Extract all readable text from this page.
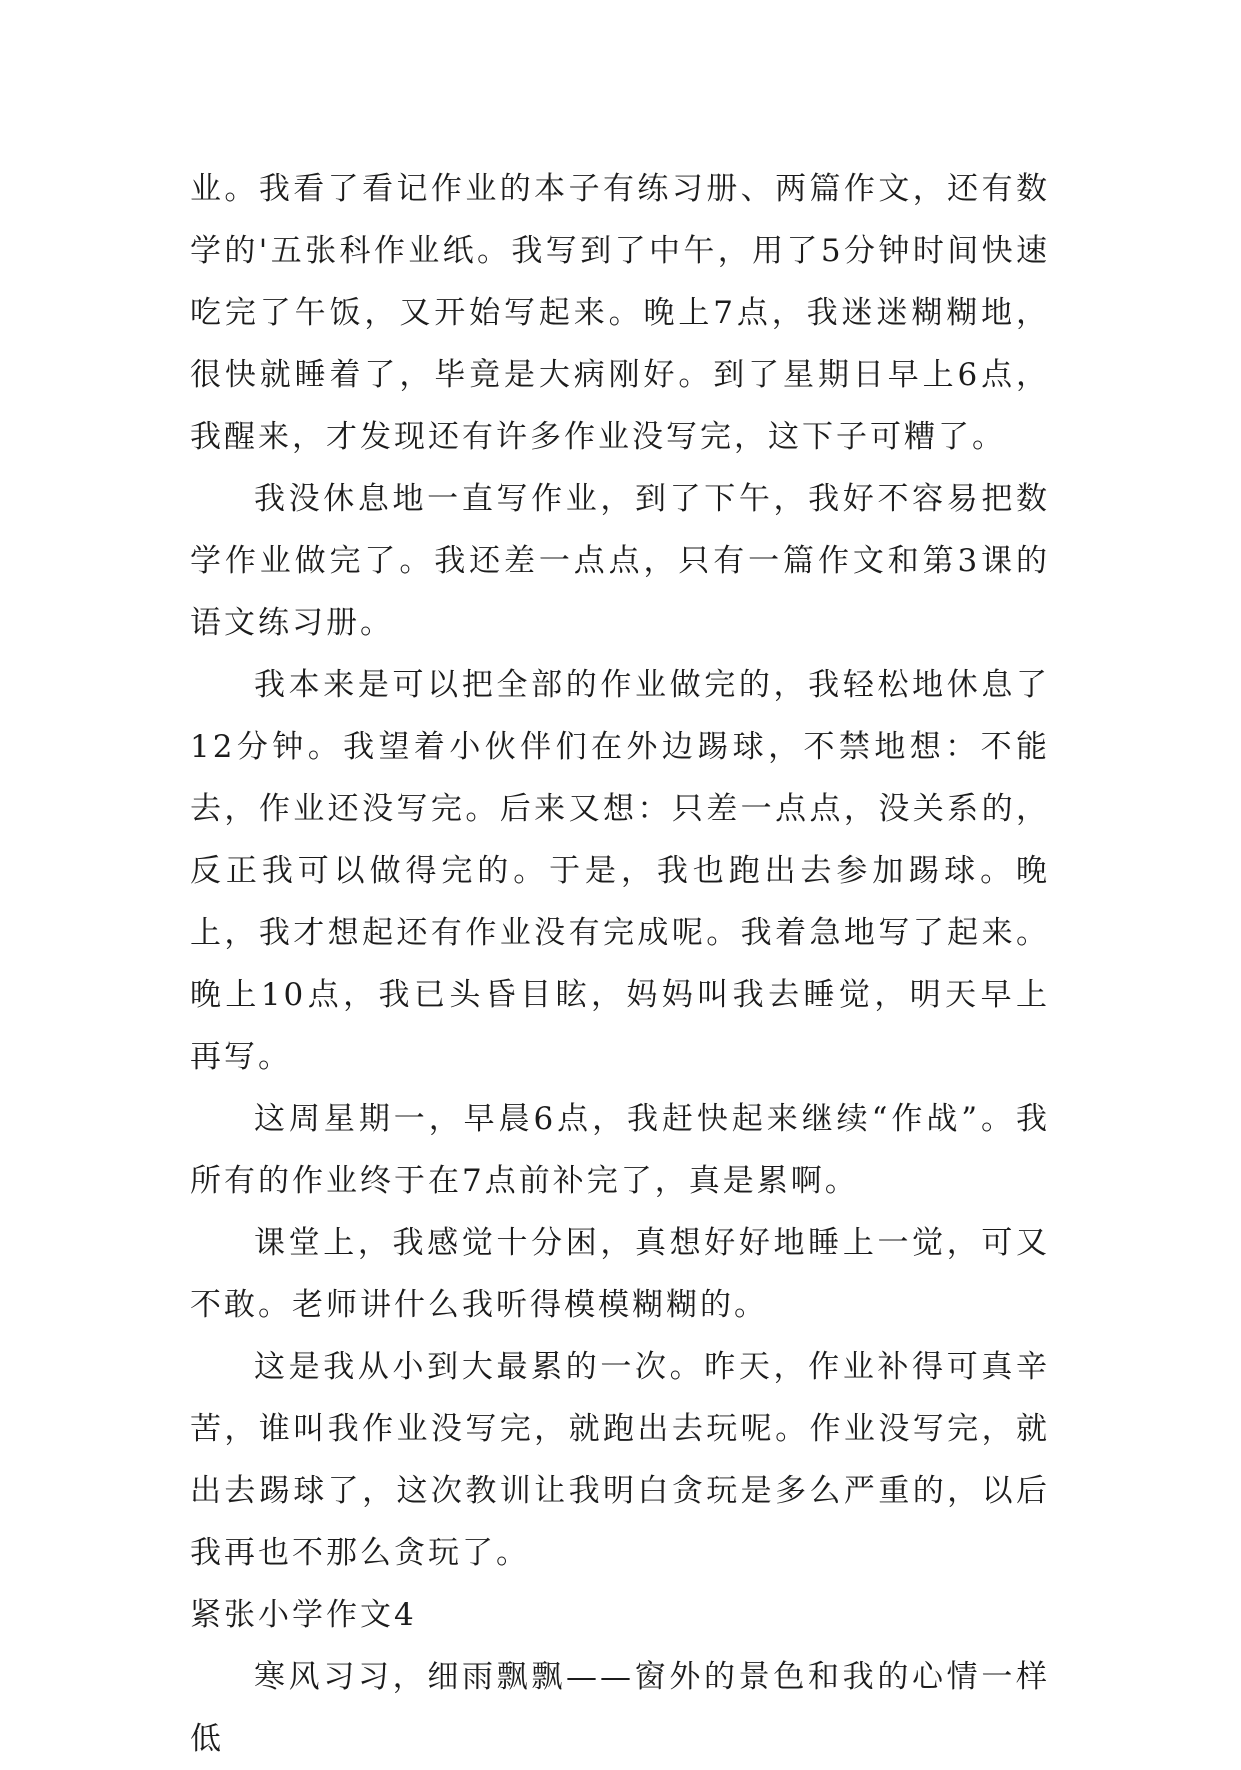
业。我看了看记作业的本子有练习册、两篇作文，还有数学的'五张科作业纸。我写到了中午，用了5分钟时间快速吃完了午饭，又开始写起来。晚上7点，我迷迷糊糊地，很快就睡着了，毕竟是大病刚好。到了星期日早上6点，我醒来，才发现还有许多作业没写完，这下子可糟了。

我没休息地一直写作业，到了下午，我好不容易把数学作业做完了。我还差一点点，只有一篇作文和第3课的语文练习册。

我本来是可以把全部的作业做完的，我轻松地休息了12分钟。我望着小伙伴们在外边踢球，不禁地想：不能去，作业还没写完。后来又想：只差一点点，没关系的，反正我可以做得完的。于是，我也跑出去参加踢球。晚上，我才想起还有作业没有完成呢。我着急地写了起来。晚上10点，我已头昏目眩，妈妈叫我去睡觉，明天早上再写。

这周星期一，早晨6点，我赶快起来继续“作战”。我所有的作业终于在7点前补完了，真是累啊。

课堂上，我感觉十分困，真想好好地睡上一觉，可又不敢。老师讲什么我听得模模糊糊的。

这是我从小到大最累的一次。昨天，作业补得可真辛苦，谁叫我作业没写完，就跑出去玩呢。作业没写完，就出去踢球了，这次教训让我明白贪玩是多么严重的，以后我再也不那么贪玩了。

紧张小学作文4

寒风习习，细雨飘飘——窗外的景色和我的心情一样低
